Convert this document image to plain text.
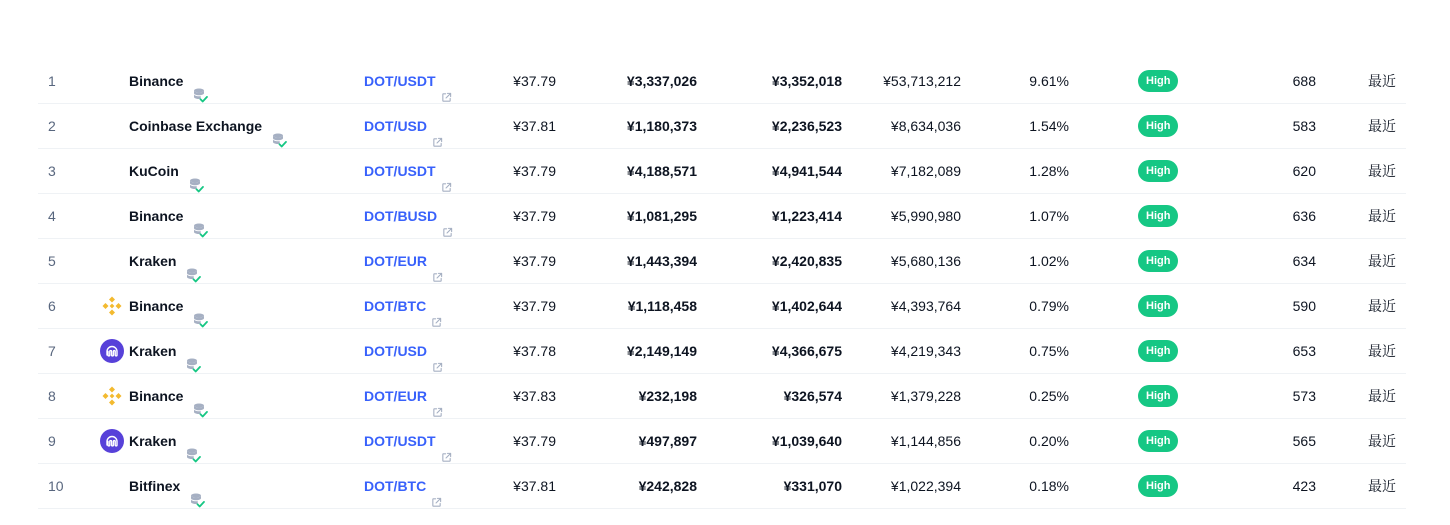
1	Binance	DOT/USDT	¥37.79	¥3,337,026	¥3,352,018	¥53,713,212	9.61%	High	688	最近
2	Coinbase Exchange	DOT/USD	¥37.81	¥1,180,373	¥2,236,523	¥8,634,036	1.54%	High	583	最近
3	KuCoin	DOT/USDT	¥37.79	¥4,188,571	¥4,941,544	¥7,182,089	1.28%	High	620	最近
4	Binance	DOT/BUSD	¥37.79	¥1,081,295	¥1,223,414	¥5,990,980	1.07%	High	636	最近
5	Kraken	DOT/EUR	¥37.79	¥1,443,394	¥2,420,835	¥5,680,136	1.02%	High	634	最近
6	Binance	DOT/BTC	¥37.79	¥1,118,458	¥1,402,644	¥4,393,764	0.79%	High	590	最近
7	Kraken	DOT/USD	¥37.78	¥2,149,149	¥4,366,675	¥4,219,343	0.75%	High	653	最近
8	Binance	DOT/EUR	¥37.83	¥232,198	¥326,574	¥1,379,228	0.25%	High	573	最近
9	Kraken	DOT/USDT	¥37.79	¥497,897	¥1,039,640	¥1,144,856	0.20%	High	565	最近
10	Bitfinex	DOT/BTC	¥37.81	¥242,828	¥331,070	¥1,022,394	0.18%	High	423	最近
